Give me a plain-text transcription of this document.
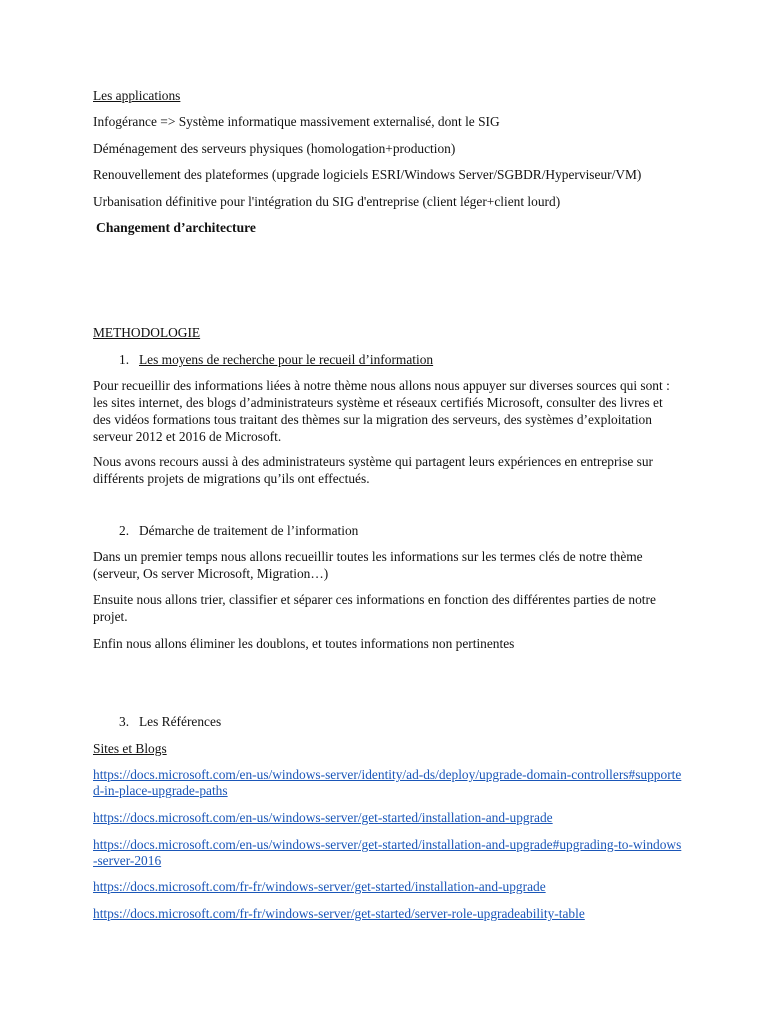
Les applications
Infogérance => Système informatique massivement externalisé, dont le SIG
Déménagement des serveurs physiques (homologation+production)
Renouvellement des plateformes (upgrade logiciels ESRI/Windows Server/SGBDR/Hyperviseur/VM)
Urbanisation définitive pour l'intégration du SIG d'entreprise (client léger+client lourd)
Changement d’architecture
METHODOLOGIE
1. Les moyens de recherche pour le recueil d’information
Pour recueillir des informations liées à notre thème nous allons nous appuyer sur diverses sources qui sont : les sites internet, des blogs d’administrateurs système et réseaux certifiés Microsoft, consulter des livres et des vidéos formations tous traitant des thèmes sur la migration des serveurs, des systèmes d’exploitation serveur 2012 et 2016 de Microsoft.
Nous avons recours aussi à des administrateurs système qui partagent leurs expériences en entreprise sur différents projets de migrations qu’ils ont effectués.
2. Démarche de traitement de l’information
Dans un premier temps nous allons recueillir toutes les informations sur les termes clés de notre thème (serveur, Os server Microsoft, Migration…)
Ensuite nous allons trier, classifier et séparer ces informations en fonction des différentes parties de notre projet.
Enfin nous allons éliminer les doublons, et toutes informations non pertinentes
3. Les Références
Sites et Blogs
https://docs.microsoft.com/en-us/windows-server/identity/ad-ds/deploy/upgrade-domain-controllers#supported-in-place-upgrade-paths
https://docs.microsoft.com/en-us/windows-server/get-started/installation-and-upgrade
https://docs.microsoft.com/en-us/windows-server/get-started/installation-and-upgrade#upgrading-to-windows-server-2016
https://docs.microsoft.com/fr-fr/windows-server/get-started/installation-and-upgrade
https://docs.microsoft.com/fr-fr/windows-server/get-started/server-role-upgradeability-table
